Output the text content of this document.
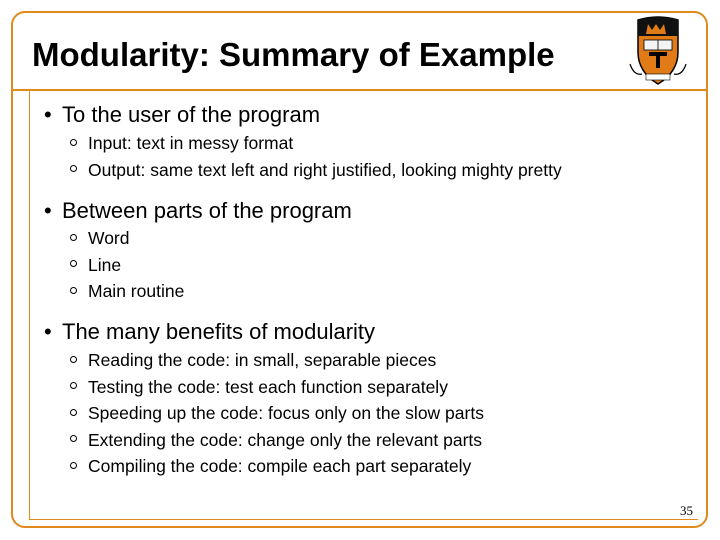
Modularity: Summary of Example
• To the user of the program
Input: text in messy format
Output: same text left and right justified, looking mighty pretty
• Between parts of the program
Word
Line
Main routine
• The many benefits of modularity
Reading the code: in small, separable pieces
Testing the code: test each function separately
Speeding up the code: focus only on the slow parts
Extending the code: change only the relevant parts
Compiling the code: compile each part separately
35
